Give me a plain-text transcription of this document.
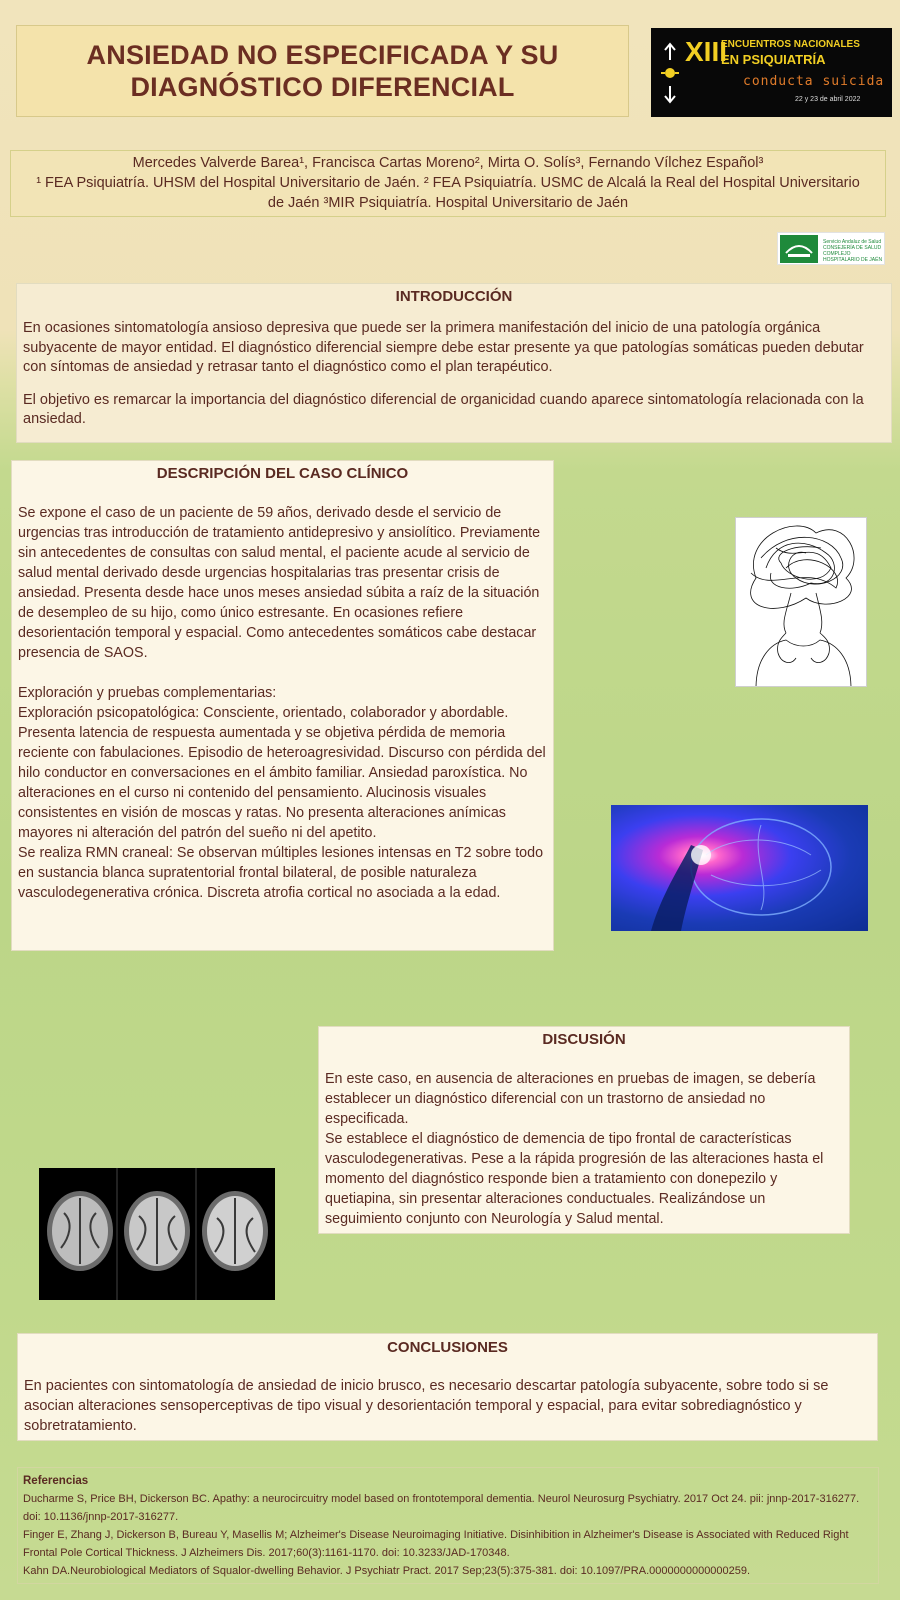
ANSIEDAD NO ESPECIFICADA Y SU
DIAGNÓSTICO DIFERENCIAL
XIII
ENCUENTROS NACIONALES
EN PSIQUIATRÍA
conducta suicida
22 y 23 de abril 2022
Mercedes Valverde Barea¹, Francisca Cartas Moreno², Mirta O. Solís³, Fernando Vílchez Español³
¹ FEA Psiquiatría. UHSM del Hospital Universitario de Jaén. ² FEA Psiquiatría. USMC de Alcalá la Real del Hospital Universitario
de Jaén ³MIR Psiquiatría. Hospital Universitario de Jaén
Servicio Andaluz de Salud
CONSEJERÍA DE SALUD
COMPLEJO HOSPITALARIO DE JAÉN
INTRODUCCIÓN

En ocasiones sintomatología ansioso depresiva que puede ser la primera manifestación del inicio de una patología orgánica subyacente de mayor entidad. El diagnóstico diferencial siempre debe estar presente ya que patologías somáticas pueden debutar con síntomas de ansiedad y retrasar tanto el diagnóstico como el plan terapéutico.

El objetivo es remarcar la importancia del diagnóstico diferencial de organicidad cuando aparece sintomatología relacionada con la ansiedad.

DESCRIPCIÓN DEL CASO CLÍNICO

Se expone el caso de un paciente de 59 años, derivado desde el servicio de urgencias tras introducción de tratamiento antidepresivo y ansiolítico. Previamente sin antecedentes de consultas con salud mental, el paciente acude al servicio de salud mental derivado desde urgencias hospitalarias tras presentar crisis de ansiedad. Presenta desde hace unos meses ansiedad súbita a raíz de la situación de desempleo de su hijo, como único estresante. En ocasiones refiere desorientación temporal y espacial. Como antecedentes somáticos cabe destacar presencia de SAOS.

Exploración y pruebas complementarias:

Exploración psicopatológica: Consciente, orientado, colaborador y abordable. Presenta latencia de respuesta aumentada y se objetiva pérdida de memoria reciente con fabulaciones. Episodio de heteroagresividad. Discurso con pérdida del hilo conductor en conversaciones en el ámbito familiar. Ansiedad paroxística. No alteraciones en el curso ni contenido del pensamiento. Alucinosis visuales consistentes en visión de moscas y ratas. No presenta alteraciones anímicas mayores ni alteración del patrón del sueño ni del apetito.

Se realiza RMN craneal: Se observan múltiples lesiones intensas en T2 sobre todo en sustancia blanca supratentorial frontal bilateral, de posible naturaleza vasculodegenerativa crónica. Discreta atrofia cortical no asociada a la edad.

DISCUSIÓN

En este caso, en ausencia de alteraciones en pruebas de imagen, se debería establecer un diagnóstico diferencial con un trastorno de ansiedad no especificada.

Se establece el diagnóstico de demencia de tipo frontal de características vasculodegenerativas. Pese a la rápida progresión de las alteraciones hasta el momento del diagnóstico responde bien a tratamiento con donepezilo y quetiapina, sin presentar alteraciones conductuales. Realizándose un seguimiento conjunto con Neurología y Salud mental.

CONCLUSIONES

En pacientes con sintomatología de ansiedad de inicio brusco, es necesario descartar patología subyacente, sobre todo si se asocian alteraciones sensoperceptivas de tipo visual y desorientación temporal y espacial, para evitar sobrediagnóstico y sobretratamiento.

Referencias
Ducharme S, Price BH, Dickerson BC. Apathy: a neurocircuitry model based on frontotemporal dementia. Neurol Neurosurg Psychiatry. 2017 Oct 24. pii: jnnp-2017-316277. doi: 10.1136/jnnp-2017-316277.
Finger E, Zhang J, Dickerson B, Bureau Y, Masellis M; Alzheimer's Disease Neuroimaging Initiative. Disinhibition in Alzheimer's Disease is Associated with Reduced Right Frontal Pole Cortical Thickness. J Alzheimers Dis. 2017;60(3):1161-1170. doi: 10.3233/JAD-170348.
Kahn DA.Neurobiological Mediators of Squalor-dwelling Behavior. J Psychiatr Pract. 2017 Sep;23(5):375-381. doi: 10.1097/PRA.0000000000000259.
